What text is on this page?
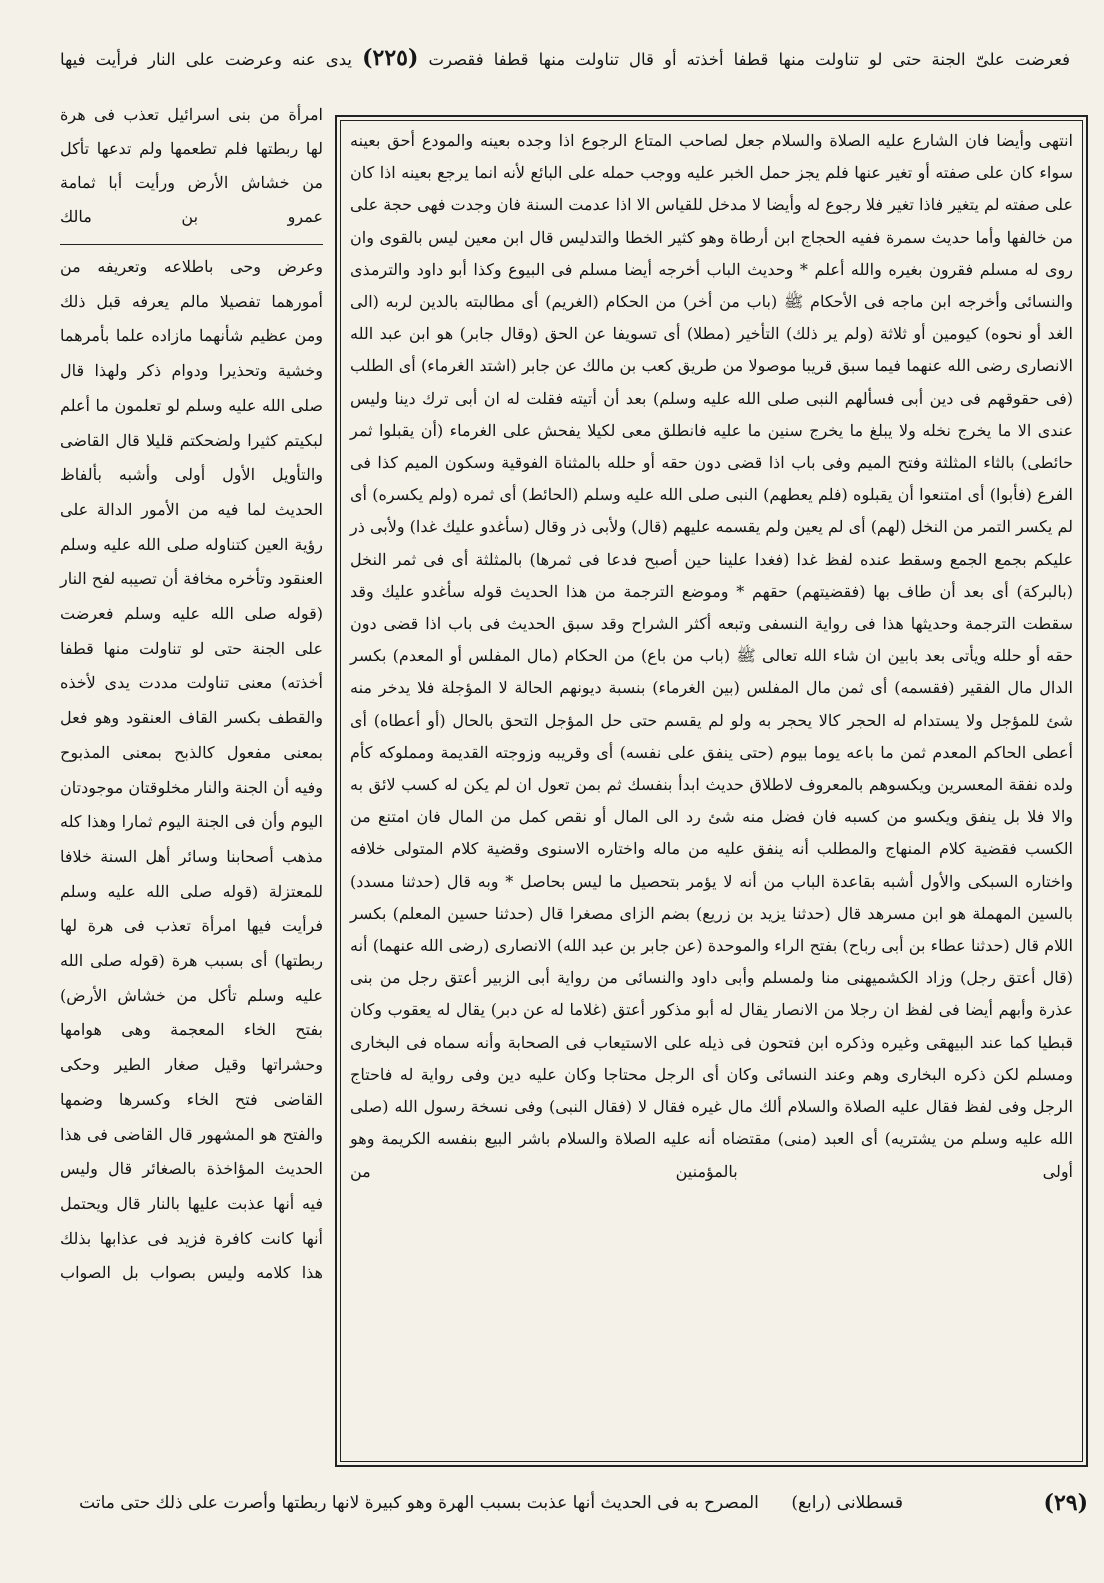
فعرضت علىّ الجنة حتى لو تناولت منها قطفا أخذته أو قال تناولت منها قطفا فقصرت (٢٢٥) يدى عنه وعرضت على النار فرأيت فيها

انتهى وأيضا فان الشارع عليه الصلاة والسلام جعل لصاحب المتاع الرجوع اذا وجده بعينه والمودع أحق بعينه سواء كان على صفته أو تغير عنها فلم يجز حمل الخبر عليه ووجب حمله على البائع لأنه انما يرجع بعينه اذا كان على صفته لم يتغير فاذا تغير فلا رجوع له وأيضا لا مدخل للقياس الا اذا عدمت السنة فان وجدت فهى حجة على من خالفها وأما حديث سمرة ففيه الحجاج ابن أرطاة وهو كثير الخطا والتدليس قال ابن معين ليس بالقوى وان روى له مسلم فقرون بغيره والله أعلم * وحديث الباب أخرجه أيضا مسلم فى البيوع وكذا أبو داود والترمذى والنسائى وأخرجه ابن ماجه فى الأحكام ﷺ (باب من أخر) من الحكام (الغريم) أى مطالبته بالدين لربه (الى الغد أو نحوه) كيومين أو ثلاثة (ولم ير ذلك) التأخير (مطلا) أى تسويفا عن الحق (وقال جابر) هو ابن عبد الله الانصارى رضى الله عنهما فيما سبق قريبا موصولا من طريق كعب بن مالك عن جابر (اشتد الغرماء) أى الطلب (فى حقوقهم فى دين أبى فسألهم النبى صلى الله عليه وسلم) بعد أن أتيته فقلت له ان أبى ترك دينا وليس عندى الا ما يخرج نخله ولا يبلغ ما يخرج سنين ما عليه فانطلق معى لكيلا يفحش على الغرماء (أن يقبلوا ثمر حائطى) بالثاء المثلثة وفتح الميم وفى باب اذا قضى دون حقه أو حلله بالمثناة الفوقية وسكون الميم كذا فى الفرع (فأبوا) أى امتنعوا أن يقبلوه (فلم يعطهم) النبى صلى الله عليه وسلم (الحائط) أى ثمره (ولم يكسره) أى لم يكسر التمر من النخل (لهم) أى لم يعين ولم يقسمه عليهم (قال) ولأبى ذر وقال (سأغدو عليك غدا) ولأبى ذر عليكم بجمع الجمع وسقط عنده لفظ غدا (فغدا علينا حين أصبح فدعا فى ثمرها) بالمثلثة أى فى ثمر النخل (بالبركة) أى بعد أن طاف بها (فقضيتهم) حقهم * وموضع الترجمة من هذا الحديث قوله سأغدو عليك وقد سقطت الترجمة وحديثها هذا فى رواية النسفى وتبعه أكثر الشراح وقد سبق الحديث فى باب اذا قضى دون حقه أو حلله ويأتى بعد بابين ان شاء الله تعالى ﷺ (باب من باع) من الحكام (مال المفلس أو المعدم) بكسر الدال مال الفقير (فقسمه) أى ثمن مال المفلس (بين الغرماء) بنسبة ديونهم الحالة لا المؤجلة فلا يدخر منه شئ للمؤجل ولا يستدام له الحجر كالا يحجر به ولو لم يقسم حتى حل المؤجل التحق بالحال (أو أعطاه) أى أعطى الحاكم المعدم ثمن ما باعه يوما بيوم (حتى ينفق على نفسه) أى وقريبه وزوجته القديمة ومملوكه كأم ولده نفقة المعسرين ويكسوهم بالمعروف لاطلاق حديث ابدأ بنفسك ثم بمن تعول ان لم يكن له كسب لائق به والا فلا بل ينفق ويكسو من كسبه فان فضل منه شئ رد الى المال أو نقص كمل من المال فان امتنع من الكسب فقضية كلام المنهاج والمطلب أنه ينفق عليه من ماله واختاره الاسنوى وقضية كلام المتولى خلافه واختاره السبكى والأول أشبه بقاعدة الباب من أنه لا يؤمر بتحصيل ما ليس بحاصل * وبه قال (حدثنا مسدد) بالسين المهملة هو ابن مسرهد قال (حدثنا يزيد بن زريع) بضم الزاى مصغرا قال (حدثنا حسين المعلم) بكسر اللام قال (حدثنا عطاء بن أبى رباح) بفتح الراء والموحدة (عن جابر بن عبد الله) الانصارى (رضى الله عنهما) أنه (قال أعتق رجل) وزاد الكشميهنى منا ولمسلم وأبى داود والنسائى من رواية أبى الزبير أعتق رجل من بنى عذرة وأبهم أيضا فى لفظ ان رجلا من الانصار يقال له أبو مذكور أعتق (غلاما له عن دبر) يقال له يعقوب وكان قبطيا كما عند البيهقى وغيره وذكره ابن فتحون فى ذيله على الاستيعاب فى الصحابة وأنه سماه فى البخارى ومسلم لكن ذكره البخارى وهم وعند النسائى وكان أى الرجل محتاجا وكان عليه دين وفى رواية له فاحتاج الرجل وفى لفظ فقال عليه الصلاة والسلام ألك مال غيره فقال لا (فقال النبى) وفى نسخة رسول الله (صلى الله عليه وسلم من يشتريه) أى العبد (منى) مقتضاه أنه عليه الصلاة والسلام باشر البيع بنفسه الكريمة وهو أولى بالمؤمنين من

امرأة من بنى اسرائيل تعذب فى هرة لها ربطتها فلم تطعمها ولم تدعها تأكل من خشاش الأرض ورأيت أبا ثمامة عمرو بن مالك

وعرض وحى باطلاعه وتعريفه من أمورهما تفصيلا مالم يعرفه قبل ذلك ومن عظيم شأنهما مازاده علما بأمرهما وخشية وتحذيرا ودوام ذكر ولهذا قال صلى الله عليه وسلم لو تعلمون ما أعلم لبكيتم كثيرا ولضحكتم قليلا قال القاضى والتأويل الأول أولى وأشبه بألفاظ الحديث لما فيه من الأمور الدالة على رؤية العين كتناوله صلى الله عليه وسلم العنقود وتأخره مخافة أن تصيبه لفح النار (قوله صلى الله عليه وسلم فعرضت على الجنة حتى لو تناولت منها قطفا أخذته) معنى تناولت مددت يدى لأخذه والقطف بكسر القاف العنقود وهو فعل بمعنى مفعول كالذبح بمعنى المذبوح وفيه أن الجنة والنار مخلوقتان موجودتان اليوم وأن فى الجنة اليوم ثمارا وهذا كله مذهب أصحابنا وسائر أهل السنة خلافا للمعتزلة (قوله صلى الله عليه وسلم فرأيت فيها امرأة تعذب فى هرة لها ربطتها) أى بسبب هرة (قوله صلى الله عليه وسلم تأكل من خشاش الأرض) بفتح الخاء المعجمة وهى هوامها وحشراتها وقيل صغار الطير وحكى القاضى فتح الخاء وكسرها وضمها والفتح هو المشهور قال القاضى فى هذا الحديث المؤاخذة بالصغائر قال وليس فيه أنها عذبت عليها بالنار قال ويحتمل أنها كانت كافرة فزيد فى عذابها بذلك هذا كلامه وليس بصواب بل الصواب

(٢٩)
قسطلانى (رابع)      المصرح به فى الحديث أنها عذبت بسبب الهرة وهو كبيرة لانها ربطتها وأصرت على ذلك حتى ماتت
